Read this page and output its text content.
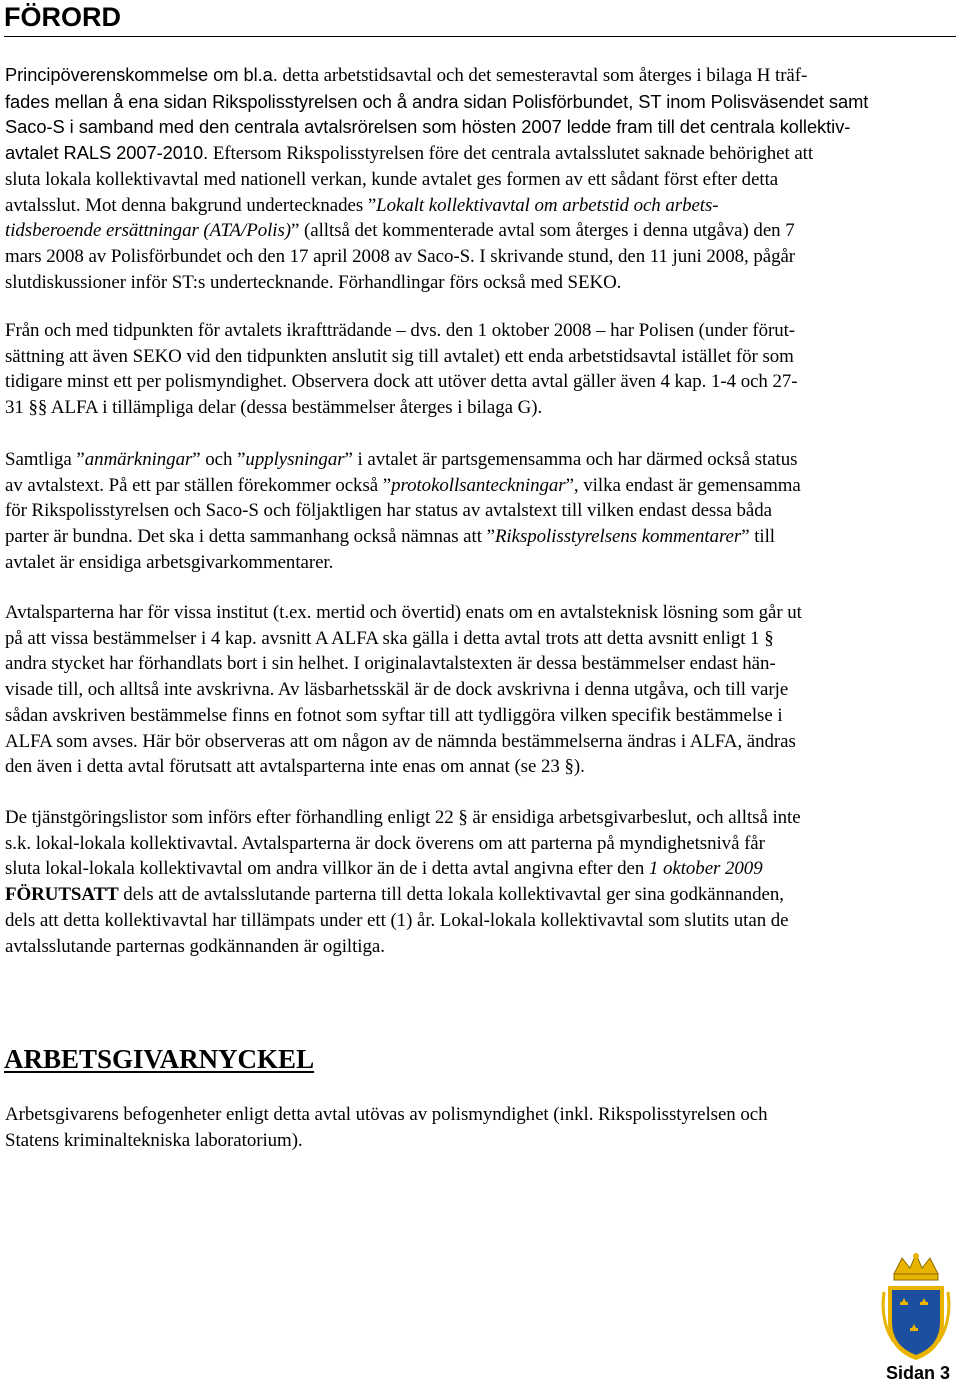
FÖRORD

Principöverenskommelse om bl.a. detta arbetstidsavtal och det semesteravtal som återges i bilaga H träf-
fades mellan å ena sidan Rikspolisstyrelsen och å andra sidan Polisförbundet, ST inom Polisväsendet samt
Saco-S i samband med den centrala avtalsrörelsen som hösten 2007 ledde fram till det centrala kollektiv-
avtalet RALS 2007-2010. Eftersom Rikspolisstyrelsen före det centrala avtalsslutet saknade behörighet att
sluta lokala kollektivavtal med nationell verkan, kunde avtalet ges formen av ett sådant först efter detta
avtalsslut. Mot denna bakgrund undertecknades ”Lokalt kollektivavtal om arbetstid och arbets-
tidsberoende ersättningar (ATA/Polis)” (alltså det kommenterade avtal som återges i denna utgåva) den 7
mars 2008 av Polisförbundet och den 17 april 2008 av Saco-S. I skrivande stund, den 11 juni 2008, pågår
slutdiskussioner inför ST:s undertecknande. Förhandlingar förs också med SEKO.

Från och med tidpunkten för avtalets ikraftträdande – dvs. den 1 oktober 2008 – har Polisen (under förut-
sättning att även SEKO vid den tidpunkten anslutit sig till avtalet) ett enda arbetstidsavtal istället för som
tidigare minst ett per polismyndighet. Observera dock att utöver detta avtal gäller även 4 kap. 1-4 och 27-
31 §§ ALFA i tillämpliga delar (dessa bestämmelser återges i bilaga G).

Samtliga ”anmärkningar” och ”upplysningar” i avtalet är partsgemensamma och har därmed också status
av avtalstext. På ett par ställen förekommer också ”protokollsanteckningar”, vilka endast är gemensamma
för Rikspolisstyrelsen och Saco-S och följaktligen har status av avtalstext till vilken endast dessa båda
parter är bundna. Det ska i detta sammanhang också nämnas att ”Rikspolisstyrelsens kommentarer” till
avtalet är ensidiga arbetsgivarkommentarer.

Avtalsparterna har för vissa institut (t.ex. mertid och övertid) enats om en avtalsteknisk lösning som går ut
på att vissa bestämmelser i 4 kap. avsnitt A ALFA ska gälla i detta avtal trots att detta avsnitt enligt 1 §
andra stycket har förhandlats bort i sin helhet. I originalavtalstexten är dessa bestämmelser endast hän-
visade till, och alltså inte avskrivna. Av läsbarhetsskäl är de dock avskrivna i denna utgåva, och till varje
sådan avskriven bestämmelse finns en fotnot som syftar till att tydliggöra vilken specifik bestämmelse i
ALFA som avses. Här bör observeras att om någon av de nämnda bestämmelserna ändras i ALFA, ändras
den även i detta avtal förutsatt att avtalsparterna inte enas om annat (se 23 §).

De tjänstgöringslistor som införs efter förhandling enligt 22 § är ensidiga arbetsgivarbeslut, och alltså inte
s.k. lokal-lokala kollektivavtal. Avtalsparterna är dock överens om att parterna på myndighetsnivå får
sluta lokal-lokala kollektivavtal om andra villkor än de i detta avtal angivna efter den 1 oktober 2009
FÖRUTSATT dels att de avtalsslutande parterna till detta lokala kollektivavtal ger sina godkännanden,
dels att detta kollektivavtal har tillämpats under ett (1) år. Lokal-lokala kollektivavtal som slutits utan de
avtalsslutande parternas godkännanden är ogiltiga.

ARBETSGIVARNYCKEL

Arbetsgivarens befogenheter enligt detta avtal utövas av polismyndighet (inkl. Rikspolisstyrelsen och
Statens kriminaltekniska laboratorium).

Sidan 3
